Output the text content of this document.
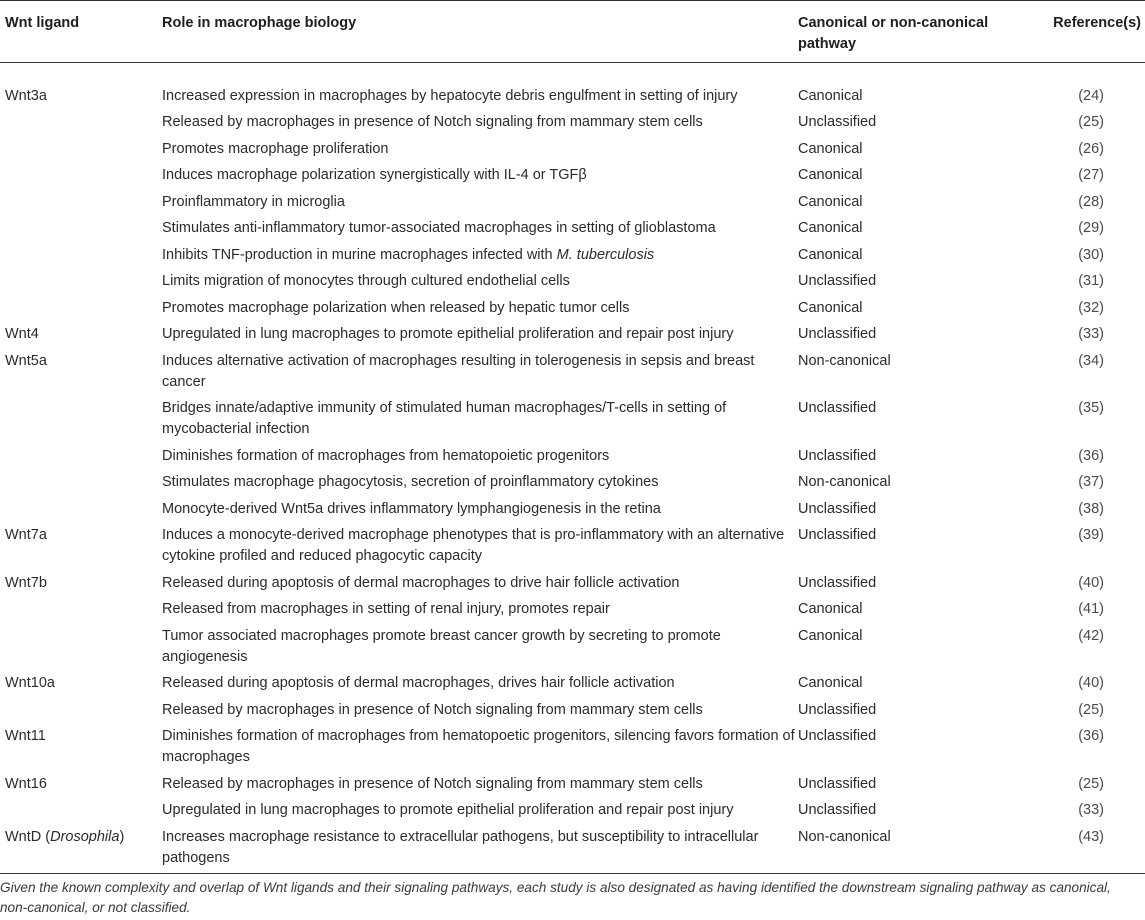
Wnt ligand	Role in macrophage biology	Canonical or non-canonical pathway	Reference(s)
Wnt3a	Increased expression in macrophages by hepatocyte debris engulfment in setting of injury	Canonical	(24)
	Released by macrophages in presence of Notch signaling from mammary stem cells	Unclassified	(25)
	Promotes macrophage proliferation	Canonical	(26)
	Induces macrophage polarization synergistically with IL-4 or TGFβ	Canonical	(27)
	Proinflammatory in microglia	Canonical	(28)
	Stimulates anti-inflammatory tumor-associated macrophages in setting of glioblastoma	Canonical	(29)
	Inhibits TNF-production in murine macrophages infected with M. tuberculosis	Canonical	(30)
	Limits migration of monocytes through cultured endothelial cells	Unclassified	(31)
	Promotes macrophage polarization when released by hepatic tumor cells	Canonical	(32)
Wnt4	Upregulated in lung macrophages to promote epithelial proliferation and repair post injury	Unclassified	(33)
Wnt5a	Induces alternative activation of macrophages resulting in tolerogenesis in sepsis and breast cancer	Non-canonical	(34)
	Bridges innate/adaptive immunity of stimulated human macrophages/T-cells in setting of mycobacterial infection	Unclassified	(35)
	Diminishes formation of macrophages from hematopoietic progenitors	Unclassified	(36)
	Stimulates macrophage phagocytosis, secretion of proinflammatory cytokines	Non-canonical	(37)
	Monocyte-derived Wnt5a drives inflammatory lymphangiogenesis in the retina	Unclassified	(38)
Wnt7a	Induces a monocyte-derived macrophage phenotypes that is pro-inflammatory with an alternative cytokine profiled and reduced phagocytic capacity	Unclassified	(39)
Wnt7b	Released during apoptosis of dermal macrophages to drive hair follicle activation	Unclassified	(40)
	Released from macrophages in setting of renal injury, promotes repair	Canonical	(41)
	Tumor associated macrophages promote breast cancer growth by secreting to promote angiogenesis	Canonical	(42)
Wnt10a	Released during apoptosis of dermal macrophages, drives hair follicle activation	Canonical	(40)
	Released by macrophages in presence of Notch signaling from mammary stem cells	Unclassified	(25)
Wnt11	Diminishes formation of macrophages from hematopoetic progenitors, silencing favors formation of macrophages	Unclassified	(36)
Wnt16	Released by macrophages in presence of Notch signaling from mammary stem cells	Unclassified	(25)
	Upregulated in lung macrophages to promote epithelial proliferation and repair post injury	Unclassified	(33)
WntD (Drosophila)	Increases macrophage resistance to extracellular pathogens, but susceptibility to intracellular pathogens	Non-canonical	(43)
Given the known complexity and overlap of Wnt ligands and their signaling pathways, each study is also designated as having identified the downstream signaling pathway as canonical, non-canonical, or not classified.
